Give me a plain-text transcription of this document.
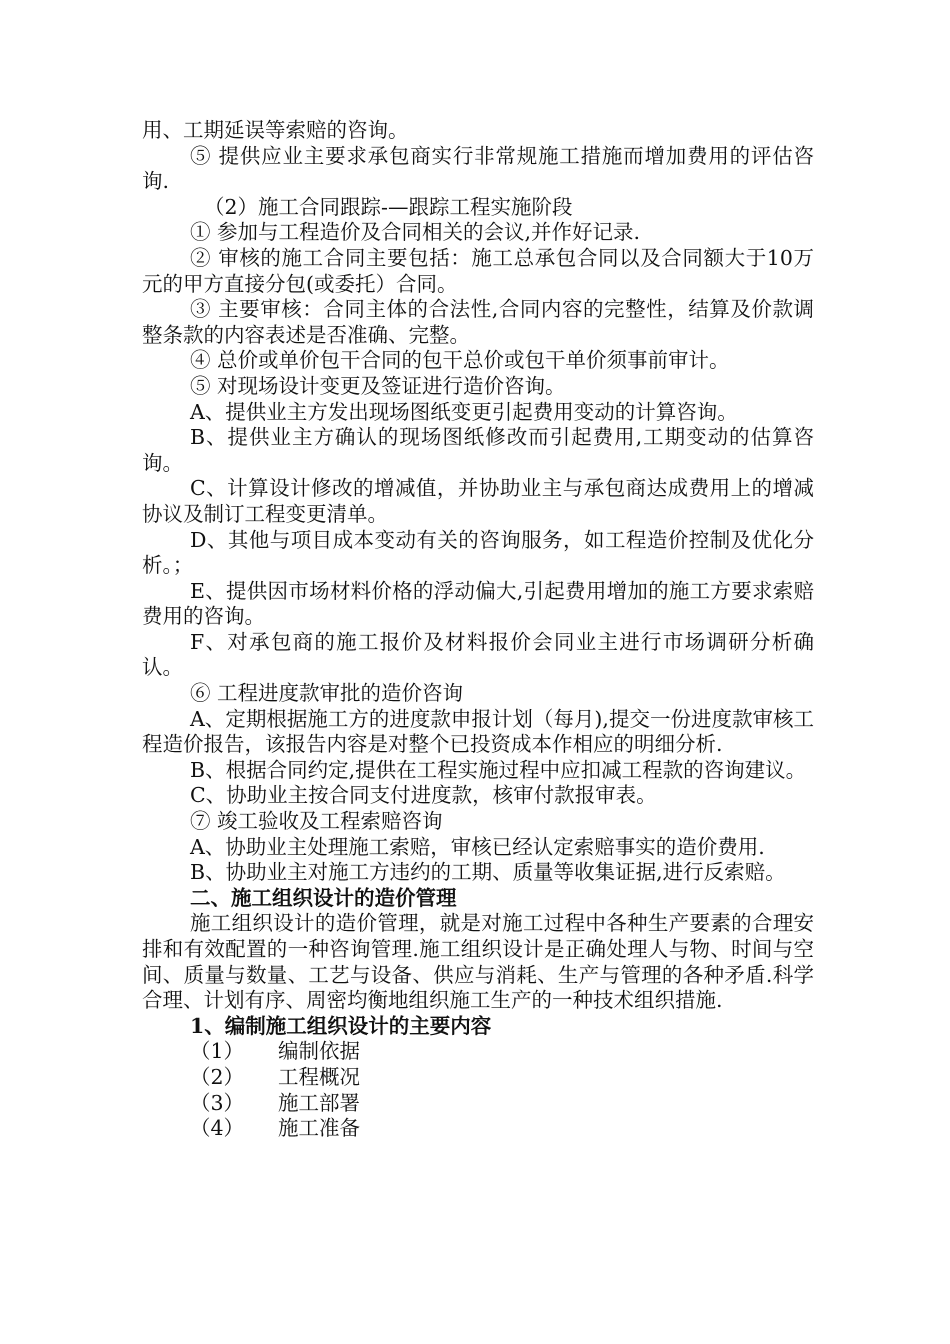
用、工期延误等索赔的咨询。

⑤ 提供应业主要求承包商实行非常规施工措施而增加费用的评估咨询.

（2）施工合同跟踪-—跟踪工程实施阶段

① 参加与工程造价及合同相关的会议,并作好记录.

② 审核的施工合同主要包括：施工总承包合同以及合同额大于10万元的甲方直接分包(或委托）合同。

③ 主要审核：合同主体的合法性,合同内容的完整性，结算及价款调整条款的内容表述是否准确、完整。

④ 总价或单价包干合同的包干总价或包干单价须事前审计。

⑤ 对现场设计变更及签证进行造价咨询。

A、提供业主方发出现场图纸变更引起费用变动的计算咨询。

B、提供业主方确认的现场图纸修改而引起费用,工期变动的估算咨询。

C、计算设计修改的增减值，并协助业主与承包商达成费用上的增减协议及制订工程变更清单。

D、其他与项目成本变动有关的咨询服务，如工程造价控制及优化分析。；

E、提供因市场材料价格的浮动偏大,引起费用增加的施工方要求索赔费用的咨询。

F、对承包商的施工报价及材料报价会同业主进行市场调研分析确认。

⑥ 工程进度款审批的造价咨询

A、定期根据施工方的进度款申报计划（每月),提交一份进度款审核工程造价报告，该报告内容是对整个已投资成本作相应的明细分析.

B、根据合同约定,提供在工程实施过程中应扣减工程款的咨询建议。

C、协助业主按合同支付进度款，核审付款报审表。

⑦ 竣工验收及工程索赔咨询

A、协助业主处理施工索赔，审核已经认定索赔事实的造价费用.

B、协助业主对施工方违约的工期、质量等收集证据,进行反索赔。

二、施工组织设计的造价管理

施工组织设计的造价管理，就是对施工过程中各种生产要素的合理安排和有效配置的一种咨询管理.施工组织设计是正确处理人与物、时间与空间、质量与数量、工艺与设备、供应与消耗、生产与管理的各种矛盾.科学合理、计划有序、周密均衡地组织施工生产的一种技术组织措施.

1、编制施工组织设计的主要内容

（1）	编制依据
（2）	工程概况
（3）	施工部署
（4）	施工准备
